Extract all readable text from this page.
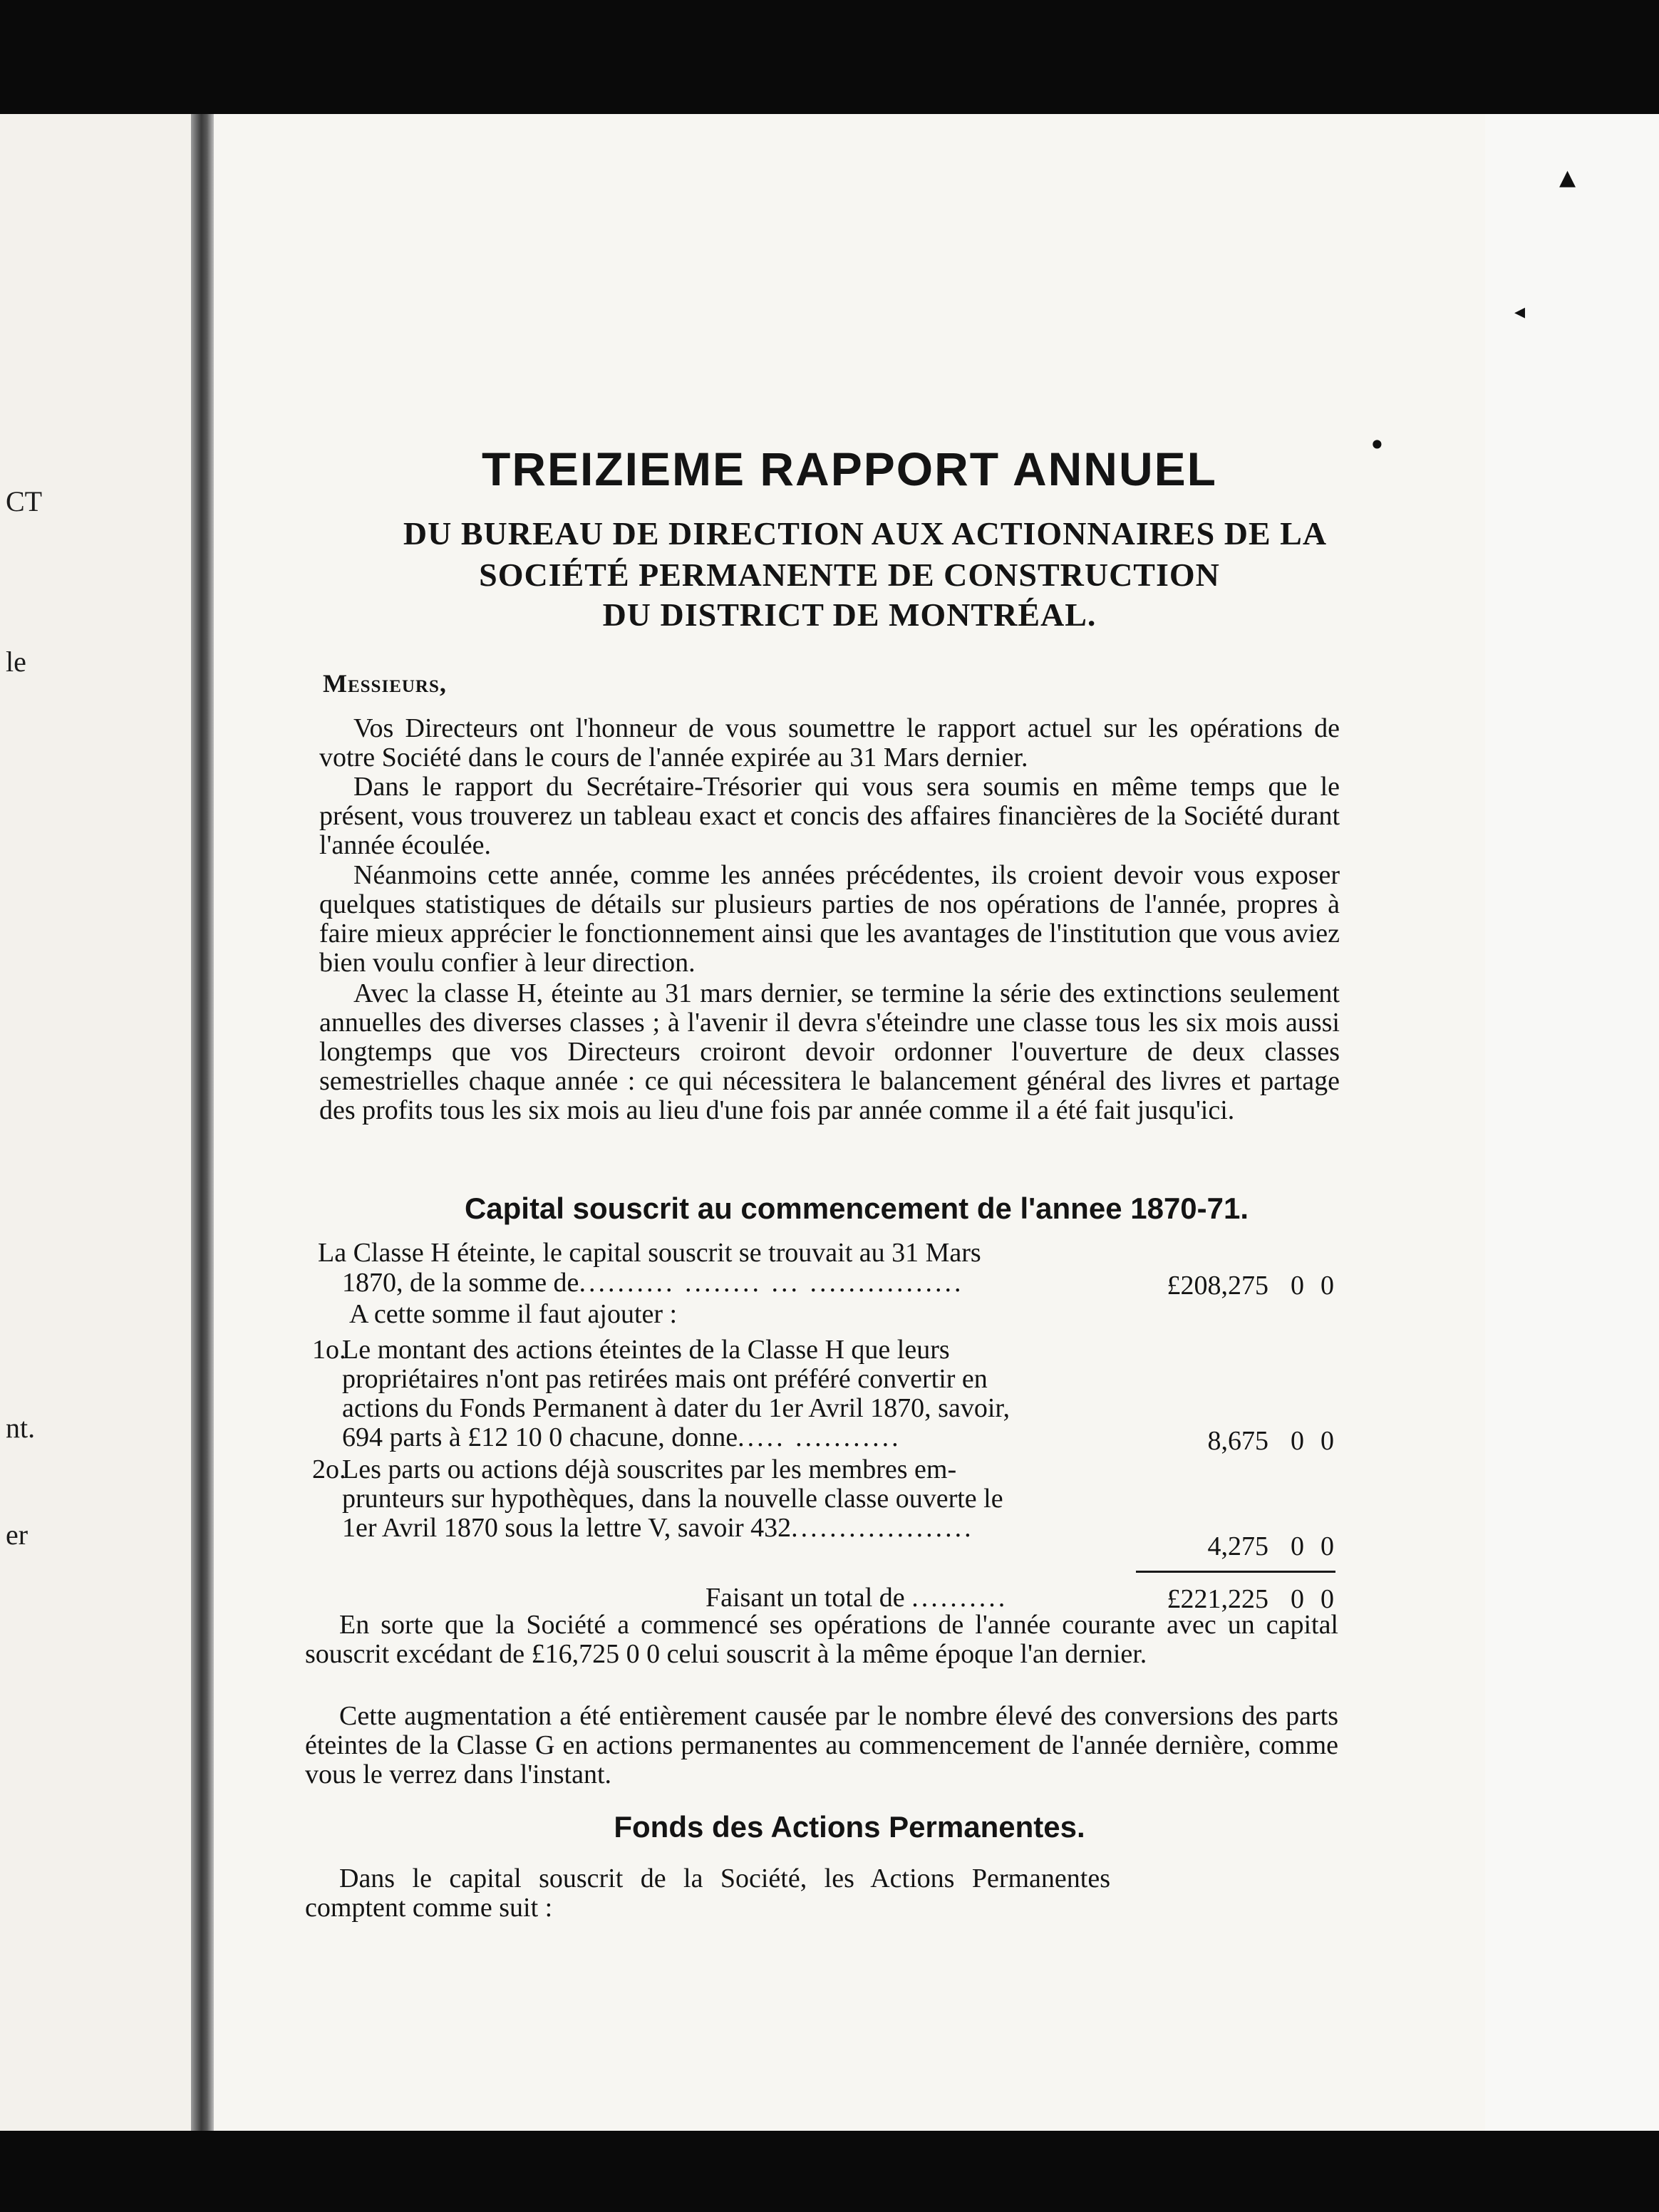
CT
le
nt.
er
•
▲
◂
TREIZIEME RAPPORT ANNUEL
DU BUREAU DE DIRECTION AUX ACTIONNAIRES DE LA
SOCIÉTÉ PERMANENTE DE CONSTRUCTION
DU DISTRICT DE MONTRÉAL.
Messieurs,
Vos Directeurs ont l'honneur de vous soumettre le rapport actuel sur les opérations de votre Société dans le cours de l'année expirée au 31 Mars dernier.
Dans le rapport du Secrétaire-Trésorier qui vous sera soumis en même temps que le présent, vous trouverez un tableau exact et concis des affaires financières de la Société durant l'année écoulée.
Néanmoins cette année, comme les années précédentes, ils croient devoir vous exposer quelques statistiques de détails sur plusieurs parties de nos opérations de l'année, propres à faire mieux apprécier le fonctionnement ainsi que les avantages de l'institution que vous aviez bien voulu confier à leur direction.
Avec la classe H, éteinte au 31 mars dernier, se termine la série des extinctions seulement annuelles des diverses classes ; à l'avenir il devra s'éteindre une classe tous les six mois aussi longtemps que vos Directeurs croiront devoir ordonner l'ouverture de deux classes semestrielles chaque année : ce qui nécessitera le balancement général des livres et partage des profits tous les six mois au lieu d'une fois par année comme il a été fait jusqu'ici.
Capital souscrit au commencement de l'annee 1870-71.
La Classe H éteinte, le capital souscrit se trouvait au 31 Mars
1870, de la somme de.......... ........ ... ................	£208,275 0 0
A cette somme il faut ajouter :
1o.
Le montant des actions éteintes de la Classe H que leurs
propriétaires n'ont pas retirées mais ont préféré convertir en
actions du Fonds Permanent à dater du 1er Avril 1870, savoir,
694 parts à £12 10 0 chacune, donne..... ...........	8,675 0 0
2o.
Les parts ou actions déjà souscrites par les membres em-
prunteurs sur hypothèques, dans la nouvelle classe ouverte le
1er Avril 1870 sous la lettre V, savoir 432...................
4,275 0 0
Faisant un total de ..........	£221,225 0 0
En sorte que la Société a commencé ses opérations de l'année courante avec un capital souscrit excédant de £16,725 0 0 celui souscrit à la même époque l'an dernier.
Cette augmentation a été entièrement causée par le nombre élevé des conversions des parts éteintes de la Classe G en actions permanentes au commencement de l'année dernière, comme vous le verrez dans l'instant.
Fonds des Actions Permanentes.
Dans le capital souscrit de la Société, les Actions Permanentes comptent comme suit :
